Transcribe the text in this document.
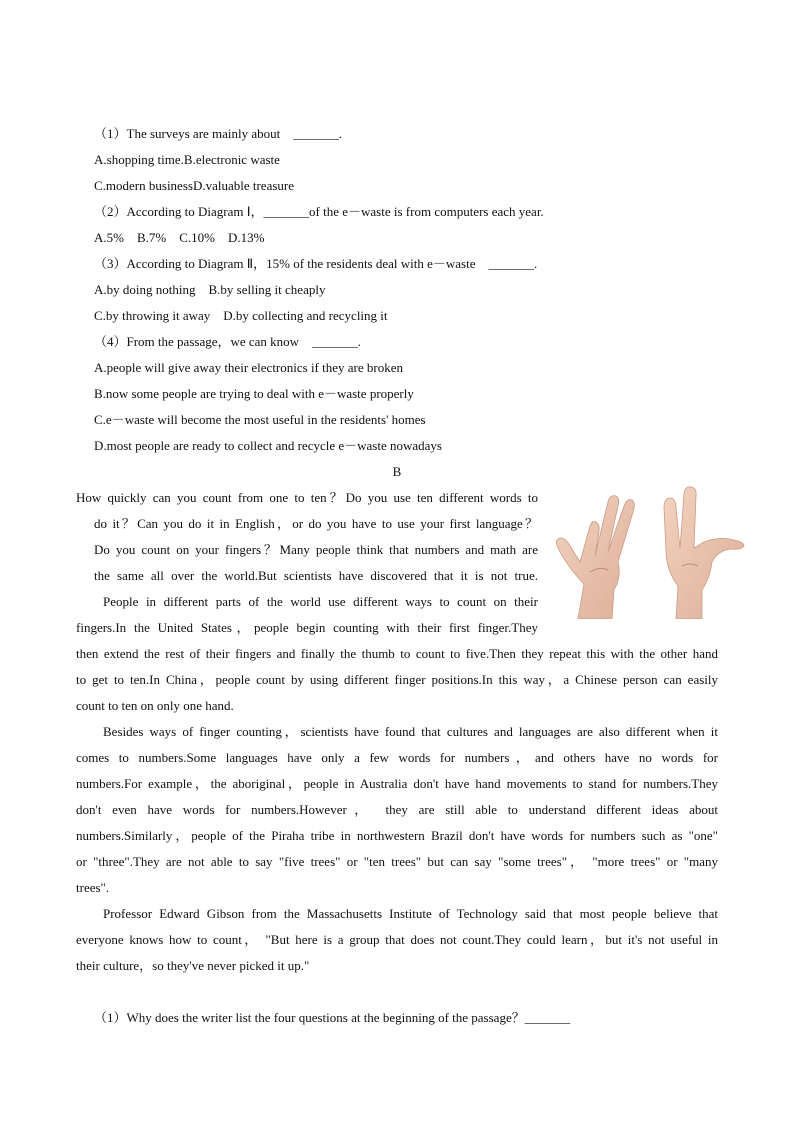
（1）The surveys are mainly about　_______.
A.shopping time.B.electronic waste
C.modern businessD.valuable treasure
（2）According to Diagram Ⅰ，_______of the e－waste is from computers each year.
A.5%　B.7%　C.10%　D.13%
（3）According to Diagram Ⅱ，15% of the residents deal with e－waste　_______.
A.by doing nothing　B.by selling it cheaply
C.by throwing it away　D.by collecting and recycling it
（4）From the passage，we can know　_______.
A.people will give away their electronics if they are broken
B.now some people are trying to deal with e－waste properly
C.e－waste will become the most useful in the residents' homes
D.most people are ready to collect and recycle e－waste nowadays
B
How quickly can you count from one to ten？Do you use ten different words to
do it？Can you do it in English，or do you have to use your first language？
Do you count on your fingers？Many people think that numbers and math are
the same all over the world.But scientists have discovered that it is not true.
People in different parts of the world use different ways to count on their
fingers.In the United States，people begin counting with their first finger.They
then extend the rest of their fingers and finally the thumb to count to five.Then they repeat this with the other hand
to get to ten.In China，people count by using different finger positions.In this way，a Chinese person can easily
count to ten on only one hand.
Besides ways of finger counting，scientists have found that cultures and languages are also different when it
comes to numbers.Some languages have only a few words for numbers，and others have no words for
numbers.For example，the aboriginal，people in Australia don't have hand movements to stand for numbers.They
don't even have words for numbers.However， they are still able to understand different ideas about
numbers.Similarly，people of the Piraha tribe in northwestern Brazil don't have words for numbers such as "one"
or "three".They are not able to say "five trees" or "ten trees" but can say "some trees"， "more trees" or "many
trees".
Professor Edward Gibson from the Massachusetts Institute of Technology said that most people believe that
everyone knows how to count， "But here is a group that does not count.They could learn，but it's not useful in
their culture，so they've never picked it up."
（1）Why does the writer list the four questions at the beginning of the passage？_______
